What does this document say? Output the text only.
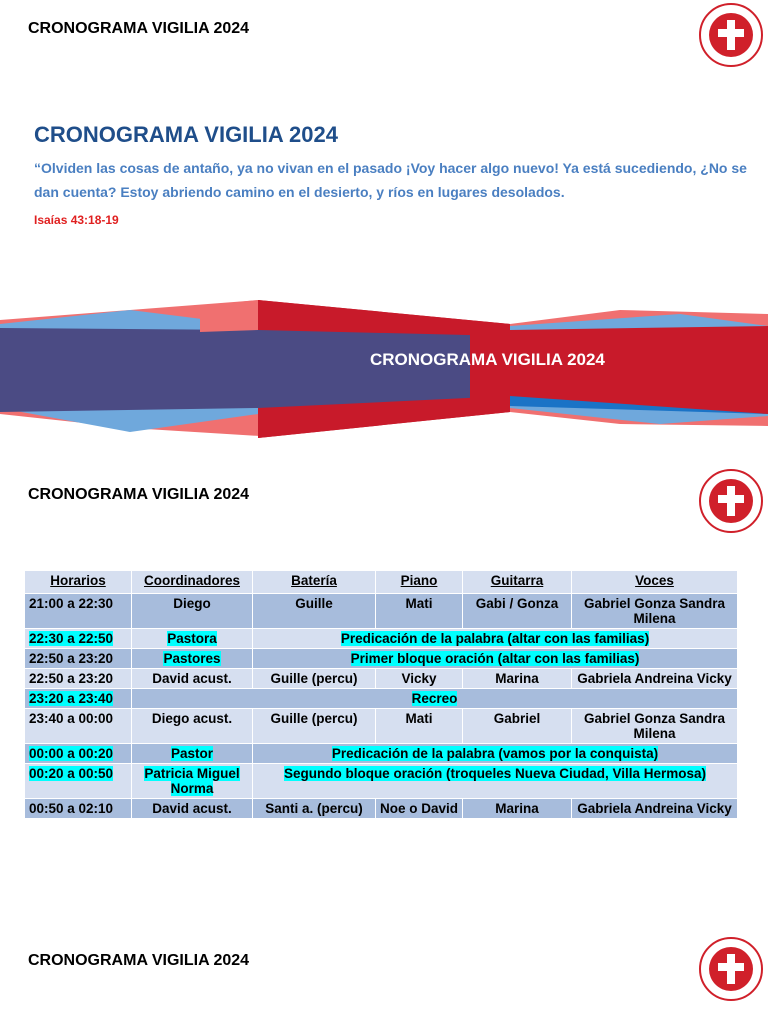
CRONOGRAMA VIGILIA 2024
CRONOGRAMA VIGILIA 2024
“Olviden las cosas de antaño, ya no vivan en el pasado ¡Voy hacer algo nuevo! Ya está sucediendo, ¿No se dan cuenta? Estoy abriendo camino en el desierto, y ríos en lugares desolados.
Isaías 43:18-19
CRONOGRAMA VIGILIA 2024
CRONOGRAMA VIGILIA 2024
Horarios	Coordinadores	Batería	Piano	Guitarra	Voces
21:00 a 22:30	Diego	Guille	Mati	Gabi / Gonza	Gabriel Gonza Sandra Milena
22:30 a 22:50	Pastora	Predicación de la palabra (altar con las familias)			
22:50 a 23:20	Pastores	Primer bloque oración (altar con las familias)			
22:50 a 23:20	David acust.	Guille (percu)	Vicky	Marina	Gabriela Andreina Vicky
23:20 a 23:40	Recreo				
23:40 a 00:00	Diego acust.	Guille (percu)	Mati	Gabriel	Gabriel Gonza Sandra Milena
00:00 a 00:20	Pastor	Predicación de la palabra (vamos por la conquista)			
00:20 a 00:50	Patricia Miguel Norma	Segundo bloque oración (troqueles Nueva Ciudad, Villa Hermosa)			
00:50 a 02:10	David acust.	Santi a. (percu)	Noe o David	Marina	Gabriela Andreina Vicky
CRONOGRAMA VIGILIA 2024
